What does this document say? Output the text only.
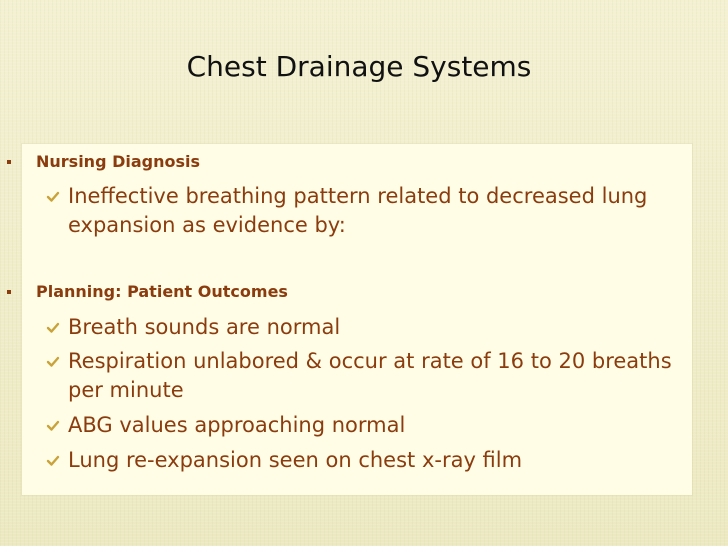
Chest Drainage Systems
Nursing Diagnosis
Ineffective breathing pattern related to decreased lung
expansion as evidence by:
Planning: Patient Outcomes
Breath sounds are normal
Respiration unlabored & occur at rate of 16 to 20 breaths
per minute
ABG values approaching normal
Lung re-expansion seen on chest x-ray film
